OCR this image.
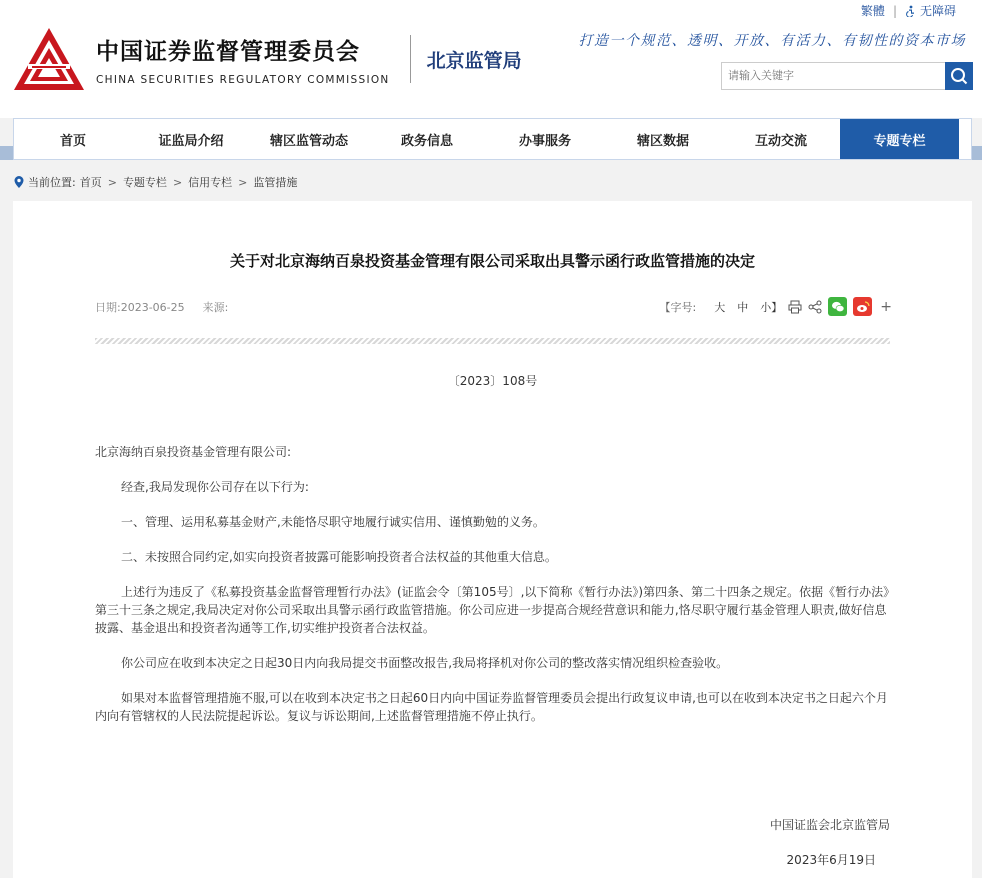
繁體 | 无障碍
中国证券监督管理委员会
CHINA SECURITIES REGULATORY COMMISSION
北京监管局
打造一个规范、透明、开放、有活力、有韧性的资本市场
请输入关键字
首页	证监局介绍	辖区监管动态	政务信息	办事服务	辖区数据	互动交流	专题专栏
当前位置: 首页 > 专题专栏 > 信用专栏 > 监管措施
关于对北京海纳百泉投资基金管理有限公司采取出具警示函行政监管措施的决定
日期:2023-06-25 来源:	【字号: 大 中 小】	+
〔2023〕108号

北京海纳百泉投资基金管理有限公司:

经查,我局发现你公司存在以下行为:

一、管理、运用私募基金财产,未能恪尽职守地履行诚实信用、谨慎勤勉的义务。

二、未按照合同约定,如实向投资者披露可能影响投资者合法权益的其他重大信息。

上述行为违反了《私募投资基金监督管理暂行办法》(证监会令〔第105号〕,以下简称《暂行办法》)第四条、第二十四条之规定。依据《暂行办法》第三十三条之规定,我局决定对你公司采取出具警示函行政监管措施。你公司应进一步提高合规经营意识和能力,恪尽职守履行基金管理人职责,做好信息披露、基金退出和投资者沟通等工作,切实维护投资者合法权益。

你公司应在收到本决定之日起30日内向我局提交书面整改报告,我局将择机对你公司的整改落实情况组织检查验收。

如果对本监督管理措施不服,可以在收到本决定书之日起60日内向中国证券监督管理委员会提出行政复议申请,也可以在收到本决定书之日起六个月内向有管辖权的人民法院提起诉讼。复议与诉讼期间,上述监督管理措施不停止执行。

中国证监会北京监管局
2023年6月19日
